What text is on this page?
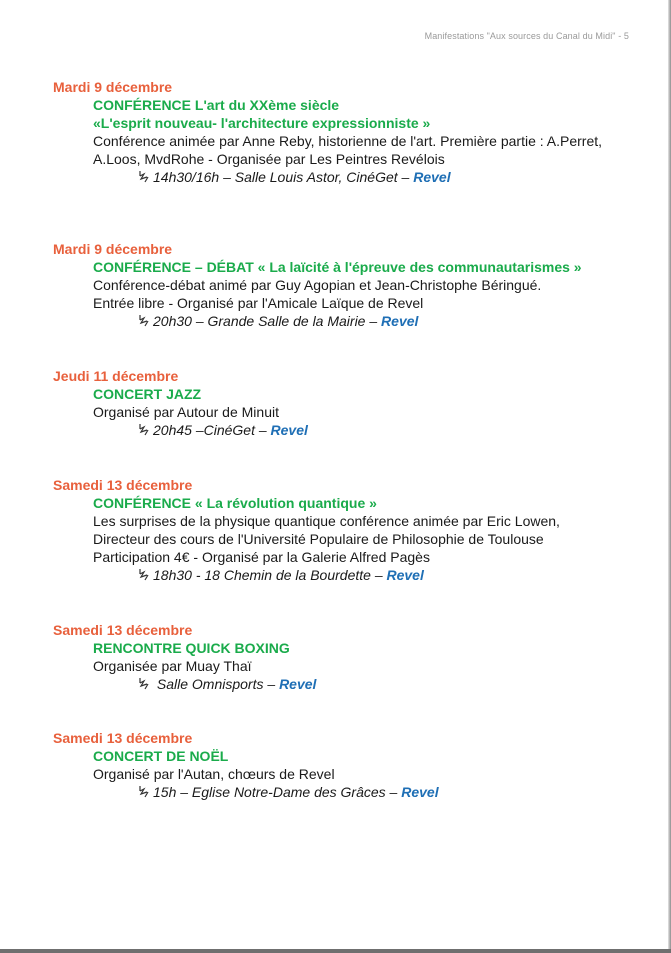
Manifestations "Aux sources du Canal du Midi" - 5
Mardi 9 décembre
CONFÉRENCE L'art du XXème siècle
«L'esprit nouveau- l'architecture expressionniste »
Conférence animée par Anne Reby, historienne de l'art. Première partie : A.Perret,
A.Loos, MvdRohe - Organisée par Les Peintres Revélois
14h30/16h – Salle Louis Astor, CinéGet – Revel
Mardi 9 décembre
CONFÉRENCE – DÉBAT « La laïcité à l'épreuve des communautarismes »
Conférence-débat animé par Guy Agopian et Jean-Christophe Béringué.
Entrée libre - Organisé par l'Amicale Laïque de Revel
20h30 – Grande Salle de la Mairie – Revel
Jeudi 11 décembre
CONCERT JAZZ
Organisé par Autour de Minuit
20h45 –CinéGet – Revel
Samedi 13 décembre
CONFÉRENCE « La révolution quantique »
Les surprises de la physique quantique conférence animée par Eric Lowen,
Directeur des cours de l'Université Populaire de Philosophie de Toulouse
Participation 4€ - Organisé par la Galerie Alfred Pagès
18h30 - 18 Chemin de la Bourdette – Revel
Samedi 13 décembre
RENCONTRE QUICK BOXING
Organisée par Muay Thaï
Salle Omnisports – Revel
Samedi 13 décembre
CONCERT DE NOËL
Organisé par l'Autan, chœurs de Revel
15h – Eglise Notre-Dame des Grâces – Revel
